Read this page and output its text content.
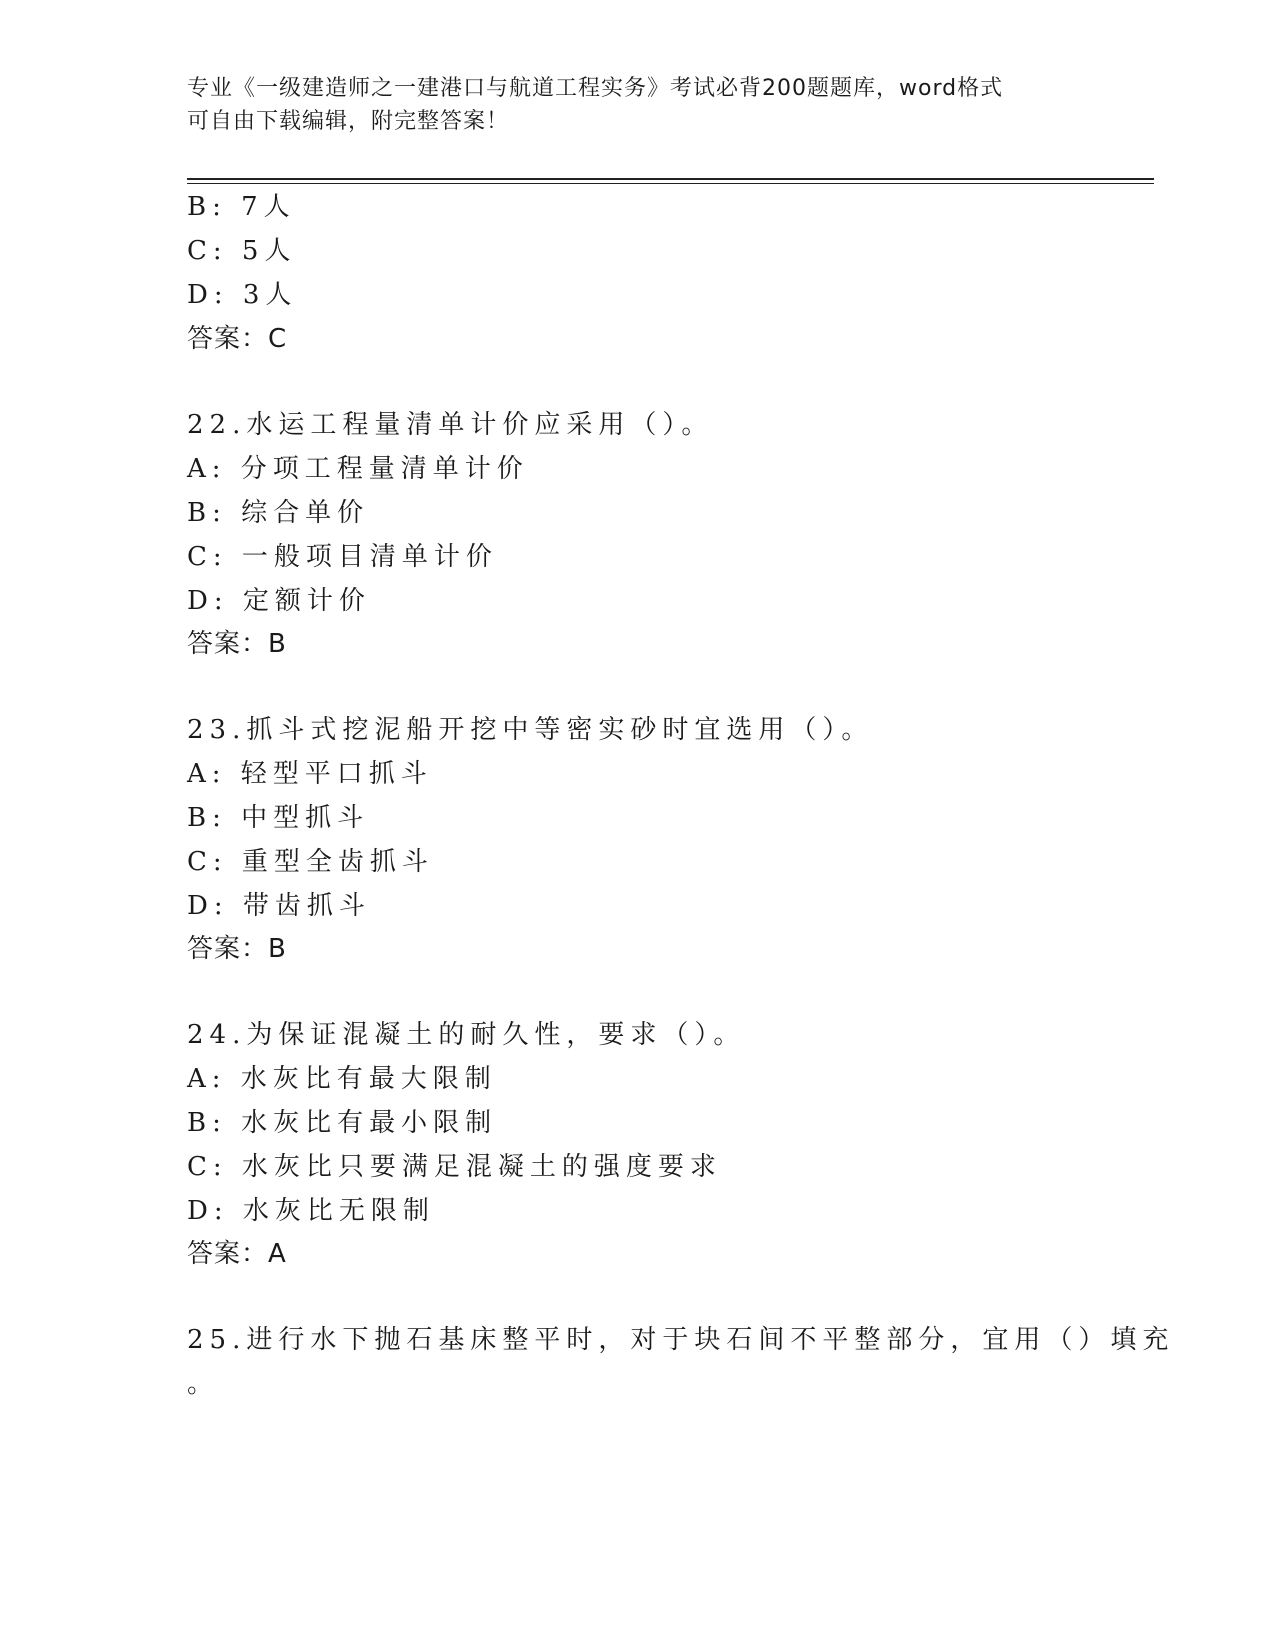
专业《一级建造师之一建港口与航道工程实务》考试必背200题题库，word格式
可自由下载编辑，附完整答案！
B: 7人
C: 5人
D: 3人
答案：C
22.水运工程量清单计价应采用（）。
A: 分项工程量清单计价
B: 综合单价
C: 一般项目清单计价
D: 定额计价
答案：B
23.抓斗式挖泥船开挖中等密实砂时宜选用（）。
A: 轻型平口抓斗
B: 中型抓斗
C: 重型全齿抓斗
D: 带齿抓斗
答案：B
24.为保证混凝土的耐久性，要求（）。
A: 水灰比有最大限制
B: 水灰比有最小限制
C: 水灰比只要满足混凝土的强度要求
D: 水灰比无限制
答案：A
25.进行水下抛石基床整平时，对于块石间不平整部分，宜用（）填充
。
